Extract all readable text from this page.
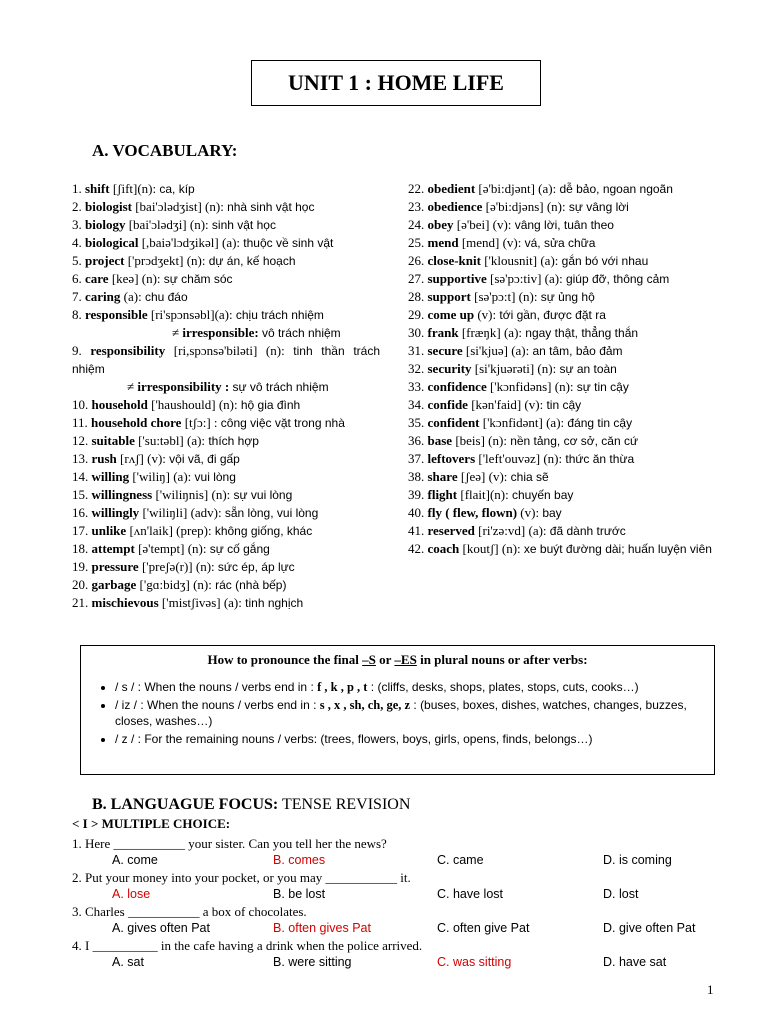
UNIT 1 : HOME LIFE
A. VOCABULARY:

1. shift [ʃift](n): ca, kíp

2. biologist [bai'ɔlədʒist] (n): nhà sinh vật học

3. biology [bai'ɔlədʒi] (n): sinh vật học

4. biological [,baiə'lɔdʒikəl] (a): thuộc về sinh vật

5. project ['prɔdʒekt] (n): dự án, kế hoạch

6. care [keə] (n): sự chăm sóc

7. caring (a): chu đáo

8. responsible [ri'spɔnsəbl](a): chịu trách nhiệm

≠ irresponsible: vô trách nhiệm

9. responsibility [ri,spɔnsə'biləti] (n): tinh thần trách nhiệm

≠ irresponsibility : sự vô trách nhiệm

10. household ['haushould] (n): hộ gia đình

11. household chore [tʃɔ:] : công việc vặt trong nhà

12. suitable ['su:təbl] (a): thích hợp

13. rush [rʌʃ] (v): vội vã, đi gấp

14. willing ['wiliŋ] (a): vui lòng

15. willingness ['wiliŋnis] (n): sự vui lòng

16. willingly ['wiliŋli] (adv): sẵn lòng, vui lòng

17. unlike [ʌn'laik] (prep): không giống, khác

18. attempt [ə'tempt] (n): sự cố gắng

19. pressure ['preʃə(r)] (n): sức ép, áp lực

20. garbage ['gɑ:bidʒ] (n): rác (nhà bếp)

21. mischievous ['mistʃivəs] (a): tinh nghịch

22. obedient [ə'bi:djənt] (a): dễ bảo, ngoan ngoãn

23. obedience [ə'bi:djəns] (n): sự vâng lời

24. obey [ə'bei] (v): vâng lời, tuân theo

25. mend [mend] (v): vá, sửa chữa

26. close-knit ['klousnit] (a): gắn bó với nhau

27. supportive [sə'pɔ:tiv] (a): giúp đỡ, thông cảm

28. support [sə'pɔ:t] (n): sự ủng hộ

29. come up (v): tới gần, được đặt ra

30. frank [fræŋk] (a): ngay thật, thẳng thắn

31. secure [si'kjuə] (a): an tâm, bảo đảm

32. security [si'kjuərəti] (n): sự an toàn

33. confidence ['kɔnfidəns] (n): sự tin cậy

34. confide [kən'faid] (v): tin cậy

35. confident ['kɔnfidənt] (a): đáng tin cậy

36. base [beis] (n): nền tảng, cơ sở, căn cứ

37. leftovers ['left'ouvəz] (n): thức ăn thừa

38. share [ʃeə] (v): chia sẽ

39. flight [flait](n): chuyến bay

40. fly ( flew, flown) (v): bay

41. reserved [ri'zə:vd] (a): đã dành trước

42. coach [koutʃ] (n): xe buýt đường dài; huấn luyện viên

How to pronounce the final –S or –ES in plural nouns or after verbs:
• / s / : When the nouns / verbs end in : f , k , p , t : (cliffs, desks, shops, plates, stops, cuts, cooks…)
• / iz / : When the nouns / verbs end in : s , x , sh, ch, ge, z : (buses, boxes, dishes, watches, changes, buzzes, closes, washes…)
• / z / : For the remaining nouns / verbs: (trees, flowers, boys, girls, opens, finds, belongs…)
B. LANGUAGUE FOCUS: TENSE REVISION
< I > MULTIPLE CHOICE:
1. Here ___________ your sister. Can you tell her the news?
A. come	B. comes	C. came	D. is coming
2. Put your money into your pocket, or you may ___________ it.
A. lose	B. be lost	C. have lost	D. lost
3. Charles ___________ a box of chocolates.
A. gives often Pat	B. often gives Pat	C. often give Pat	D. give often Pat
4. I __________ in the cafe having a drink when the police arrived.
A. sat	B. were sitting	C. was sitting	D. have sat
1
